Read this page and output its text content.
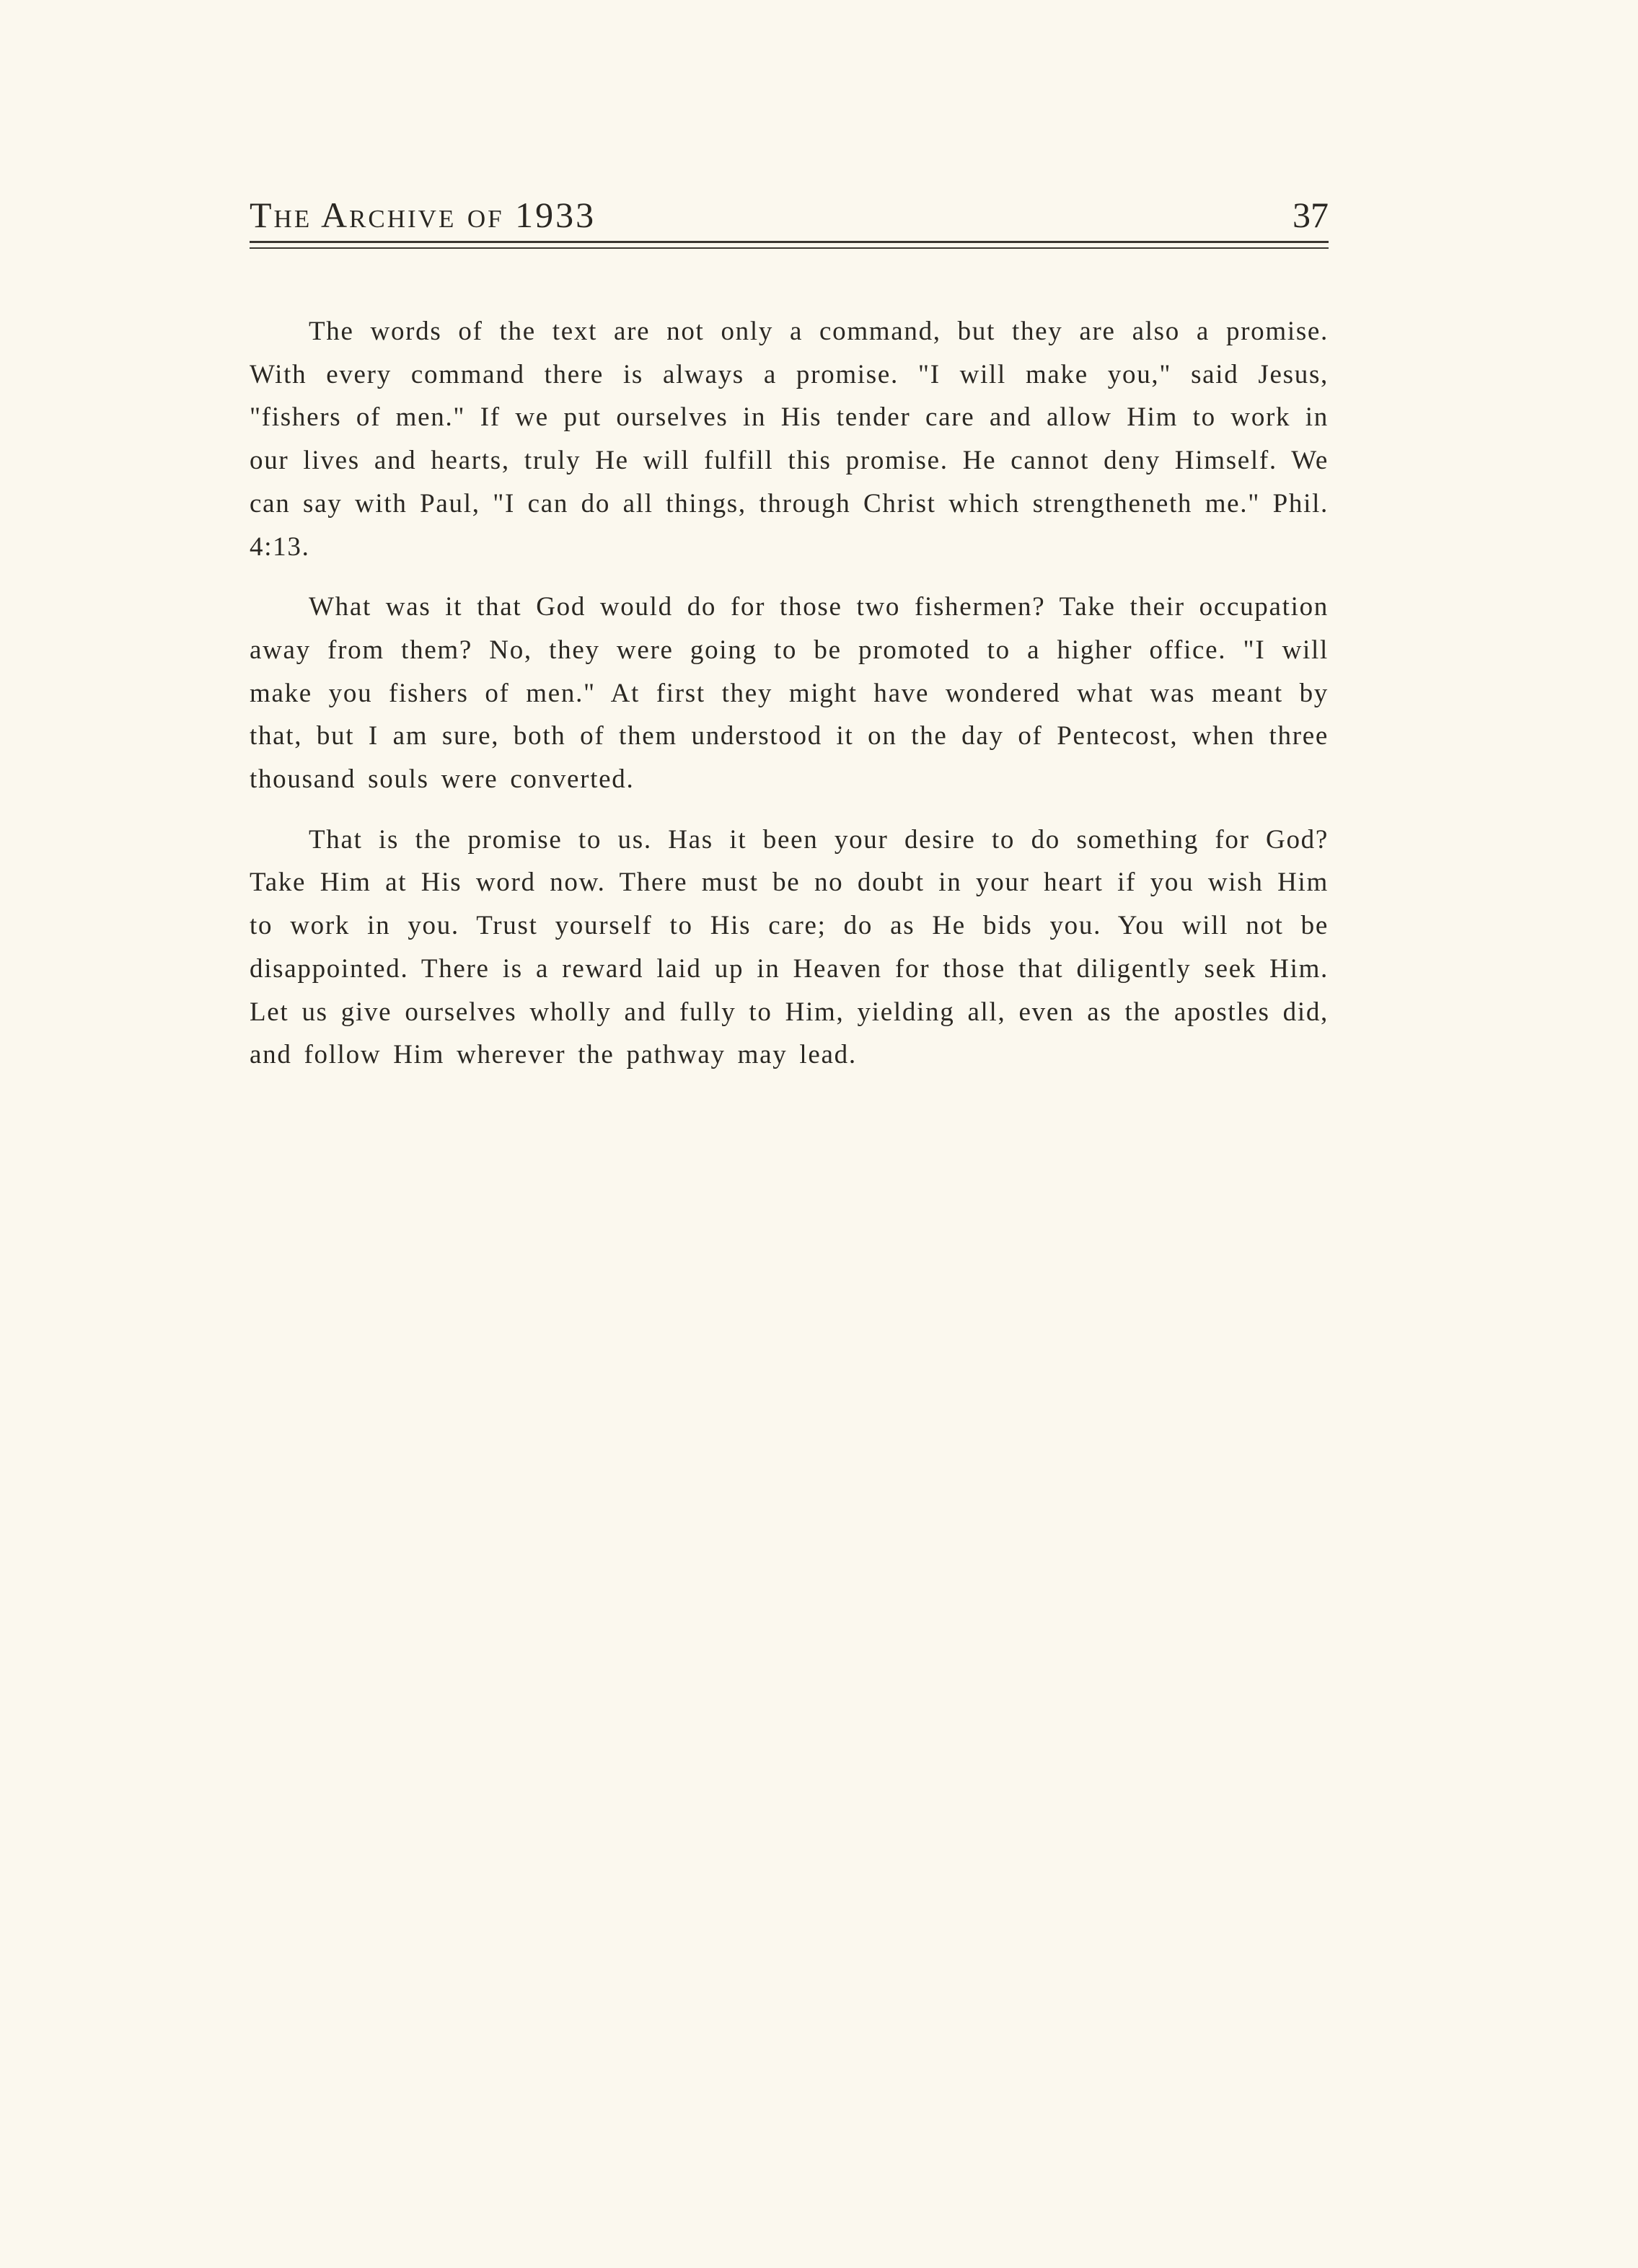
The Archive of 1933	37

The words of the text are not only a command, but they are also a promise. With every command there is always a promise. "I will make you," said Jesus, "fishers of men." If we put ourselves in His tender care and allow Him to work in our lives and hearts, truly He will fulfill this promise. He cannot deny Himself. We can say with Paul, "I can do all things, through Christ which strengtheneth me." Phil. 4:13.

What was it that God would do for those two fishermen? Take their occupation away from them? No, they were going to be promoted to a higher office. "I will make you fishers of men." At first they might have wondered what was meant by that, but I am sure, both of them understood it on the day of Pentecost, when three thousand souls were converted.

That is the promise to us. Has it been your desire to do something for God? Take Him at His word now. There must be no doubt in your heart if you wish Him to work in you. Trust yourself to His care; do as He bids you. You will not be disappointed. There is a reward laid up in Heaven for those that diligently seek Him. Let us give ourselves wholly and fully to Him, yielding all, even as the apostles did, and follow Him wherever the pathway may lead.
